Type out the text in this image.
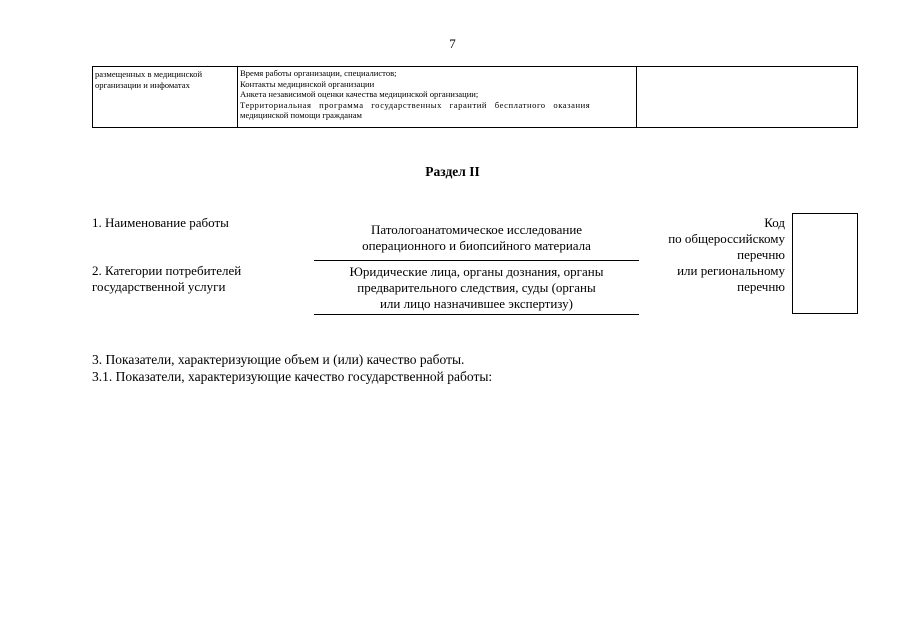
7
размещенных в медицинской
организации и инфоматах
Время работы организации, специалистов;
Контакты медицинской организации
Анкета независимой оценки качества медицинской организации;
Территориальная программа государственных гарантий бесплатного оказания
медицинской помощи гражданам
Раздел II
1. Наименование работы	Патологоанатомическое исследование
операционного и биопсийного материала
2. Категории потребителей
государственной услуги
Юридические лица, органы дознания, органы
предварительного следствия, суды (органы
или лицо назначившее экспертизу)
Код
по общероссийскому
перечню
или региональному
перечню
3. Показатели, характеризующие объем и (или) качество работы.
3.1. Показатели, характеризующие качество государственной работы:
